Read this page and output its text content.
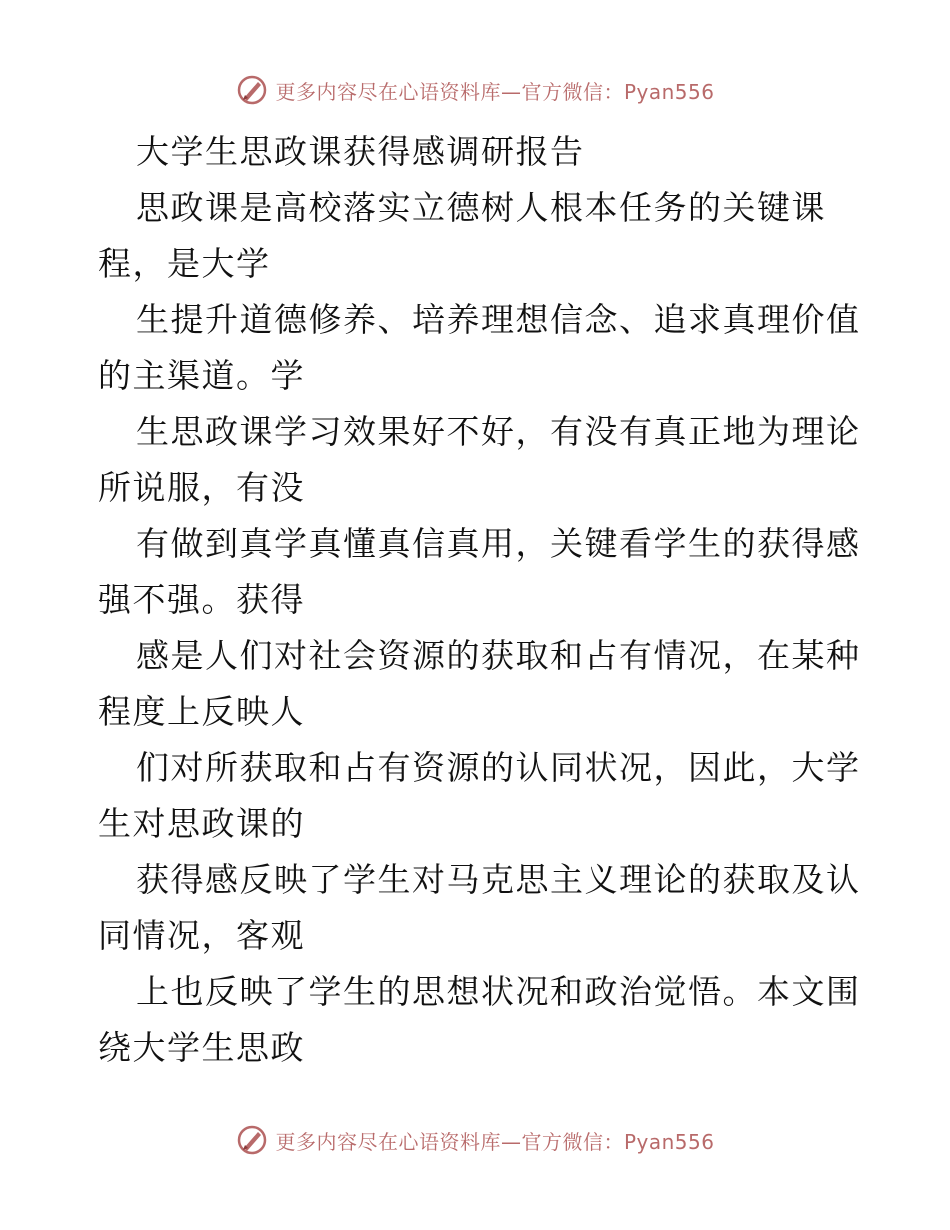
更多内容尽在心语资料库—官方微信：Pyan556
大学生思政课获得感调研报告
思政课是高校落实立德树人根本任务的关键课
程，是大学
生提升道德修养、培养理想信念、追求真理价值
的主渠道。学
生思政课学习效果好不好，有没有真正地为理论
所说服，有没
有做到真学真懂真信真用，关键看学生的获得感
强不强。获得
感是人们对社会资源的获取和占有情况，在某种
程度上反映人
们对所获取和占有资源的认同状况，因此，大学
生对思政课的
获得感反映了学生对马克思主义理论的获取及认
同情况，客观
上也反映了学生的思想状况和政治觉悟。本文围
绕大学生思政
更多内容尽在心语资料库—官方微信：Pyan556
